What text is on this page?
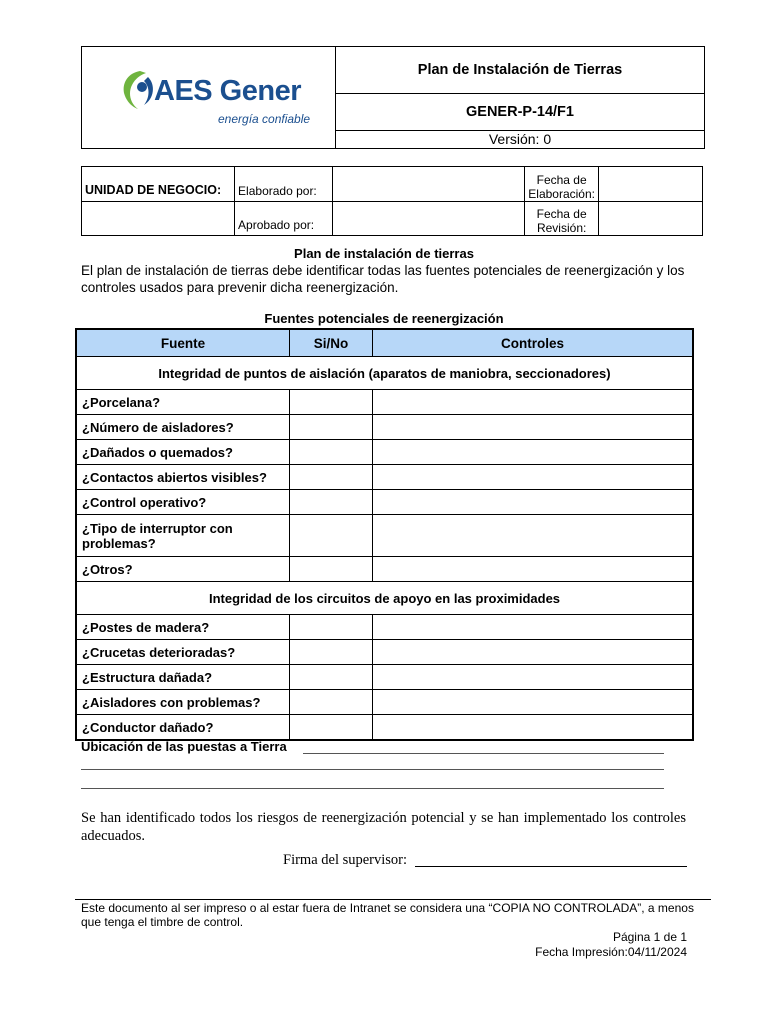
AES Gener
energía confiable
	Plan de Instalación de Tierras
GENER-P-14/F1
Versión: 0
UNIDAD DE NEGOCIO:	Elaborado por:		Fecha de Elaboración:	
	Aprobado por:		Fecha de Revisión:	
Plan de instalación de tierras
El plan de instalación de tierras debe identificar todas las fuentes potenciales de reenergización y los controles usados para prevenir dicha reenergización.
Fuentes potenciales de reenergización
Fuente	Si/No	Controles
Integridad de puntos de aislación (aparatos de maniobra, seccionadores)		
¿Porcelana?		
¿Número de aisladores?		
¿Dañados o quemados?		
¿Contactos abiertos visibles?		
¿Control operativo?		
¿Tipo de interruptor con problemas?		
¿Otros?		
Integridad de los circuitos de apoyo en las proximidades		
¿Postes de madera?		
¿Crucetas deterioradas?		
¿Estructura dañada?		
¿Aisladores con problemas?		
¿Conductor dañado?		
Ubicación de las puestas a Tierra
Se han identificado todos los riesgos de reenergización potencial y se han implementado los controles adecuados.
Firma del supervisor:
Este documento al ser impreso o al estar fuera de Intranet se considera una “COPIA NO CONTROLADA”, a menos que tenga el timbre de control.
Página 1 de 1
Fecha Impresión:04/11/2024
